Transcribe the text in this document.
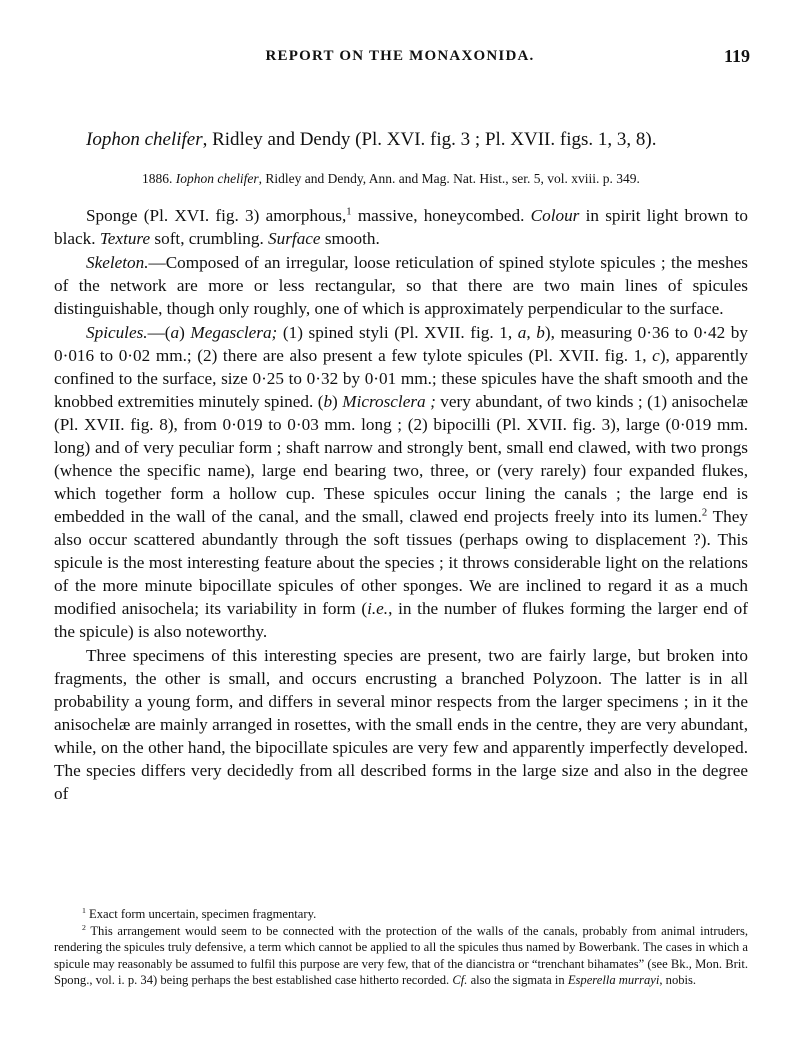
REPORT ON THE MONAXONIDA.	119
Iophon chelifer, Ridley and Dendy (Pl. XVI. fig. 3 ; Pl. XVII. figs. 1, 3, 8).
1886. Iophon chelifer, Ridley and Dendy, Ann. and Mag. Nat. Hist., ser. 5, vol. xviii. p. 349.

Sponge (Pl. XVI. fig. 3) amorphous,$^1$ massive, honeycombed. Colour in spirit light brown to black. Texture soft, crumbling. Surface smooth.

Skeleton.—Composed of an irregular, loose reticulation of spined stylote spicules ; the meshes of the network are more or less rectangular, so that there are two main lines of spicules distinguishable, though only roughly, one of which is approximately perpendicular to the surface.

Spicules.—(a) Megasclera; (1) spined styli (Pl. XVII. fig. 1, a, b), measuring 0·36 to 0·42 by 0·016 to 0·02 mm.; (2) there are also present a few tylote spicules (Pl. XVII. fig. 1, c), apparently confined to the surface, size 0·25 to 0·32 by 0·01 mm.; these spicules have the shaft smooth and the knobbed extremities minutely spined. (b) Microsclera ; very abundant, of two kinds ; (1) anisochelæ (Pl. XVII. fig. 8), from 0·019 to 0·03 mm. long ; (2) bipocilli (Pl. XVII. fig. 3), large (0·019 mm. long) and of very peculiar form ; shaft narrow and strongly bent, small end clawed, with two prongs (whence the specific name), large end bearing two, three, or (very rarely) four expanded flukes, which together form a hollow cup. These spicules occur lining the canals ; the large end is embedded in the wall of the canal, and the small, clawed end projects freely into its lumen.$^2$ They also occur scattered abundantly through the soft tissues (perhaps owing to displacement ?). This spicule is the most interesting feature about the species ; it throws considerable light on the relations of the more minute bipocillate spicules of other sponges. We are inclined to regard it as a much modified anisochela; its variability in form (i.e., in the number of flukes forming the larger end of the spicule) is also noteworthy.

Three specimens of this interesting species are present, two are fairly large, but broken into fragments, the other is small, and occurs encrusting a branched Polyzoon. The latter is in all probability a young form, and differs in several minor respects from the larger specimens ; in it the anisochelæ are mainly arranged in rosettes, with the small ends in the centre, they are very abundant, while, on the other hand, the bipocillate spicules are very few and apparently imperfectly developed. The species differs very decidedly from all described forms in the large size and also in the degree of

$^1$ Exact form uncertain, specimen fragmentary.

$^2$ This arrangement would seem to be connected with the protection of the walls of the canals, probably from animal intruders, rendering the spicules truly defensive, a term which cannot be applied to all the spicules thus named by Bowerbank. The cases in which a spicule may reasonably be assumed to fulfil this purpose are very few, that of the diancistra or “trenchant bihamates” (see Bk., Mon. Brit. Spong., vol. i. p. 34) being perhaps the best established case hitherto recorded. Cf. also the sigmata in Esperella murrayi, nobis.
